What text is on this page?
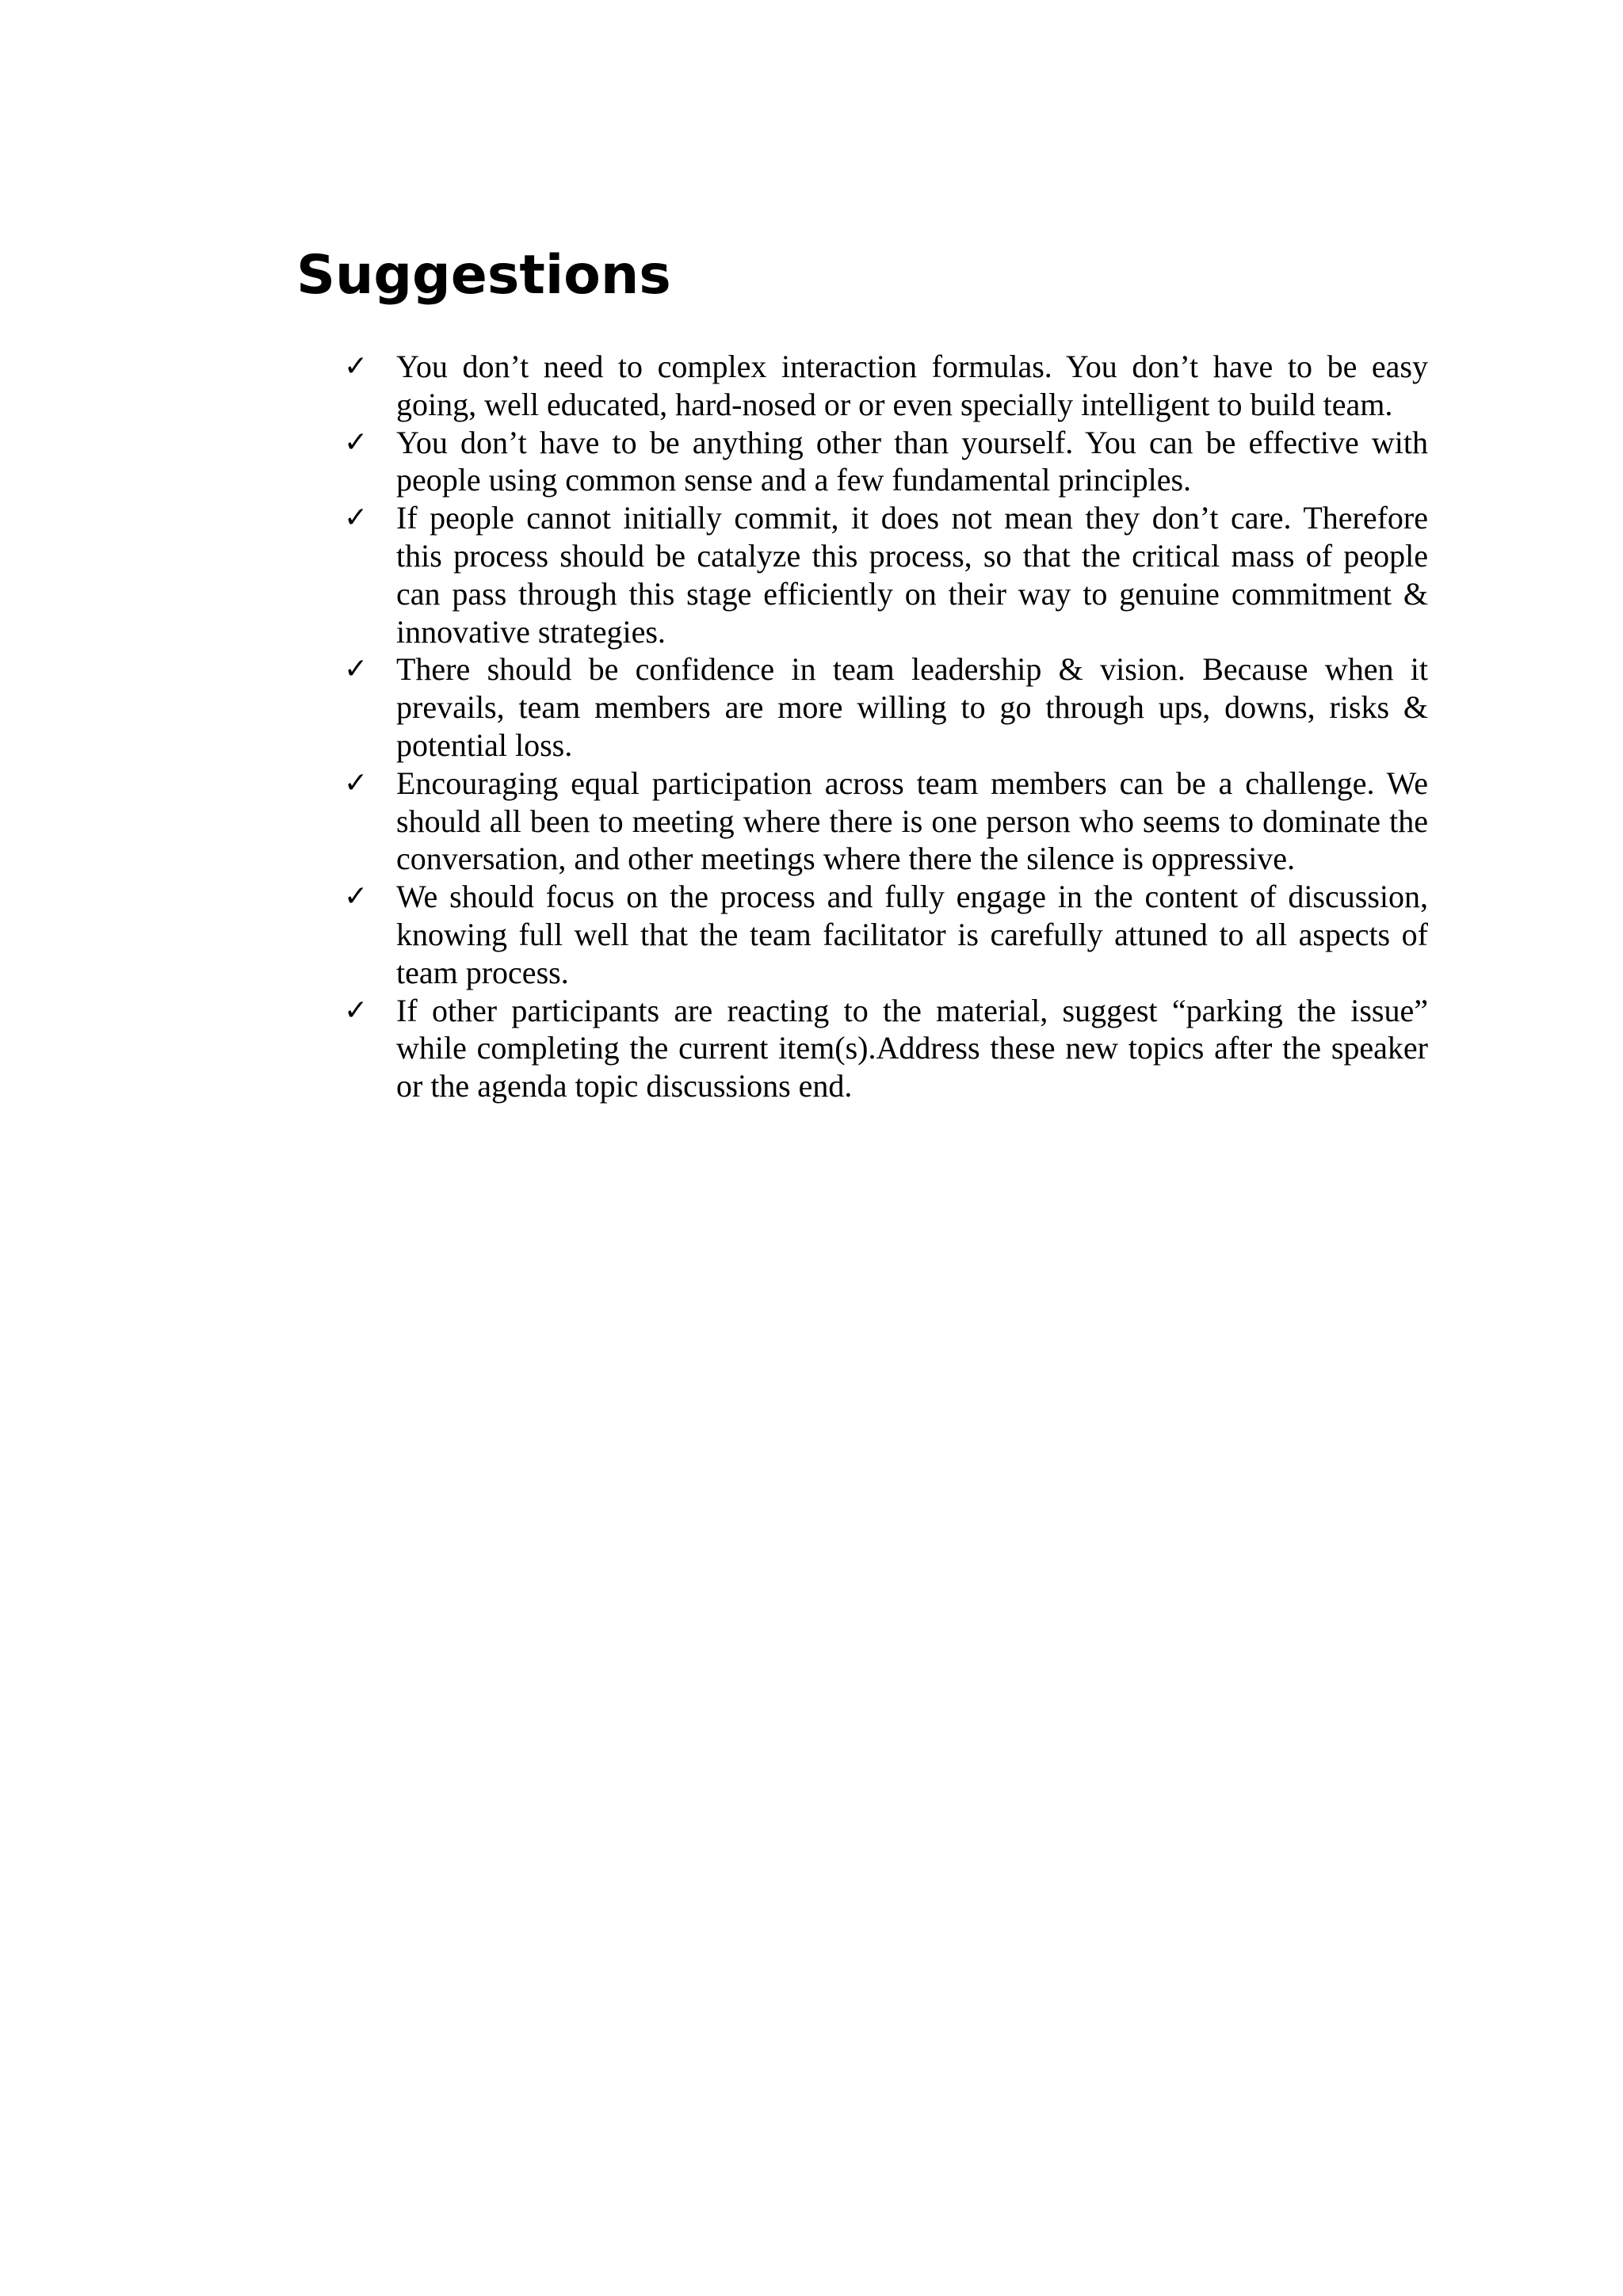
Suggestions
✓ You don’t need to complex interaction formulas. You don’t have to be easy going, well educated, hard-nosed or or even specially intelligent to build team.
✓ You don’t have to be anything other than yourself. You can be effective with people using common sense and a few fundamental principles.
✓ If people cannot initially commit, it does not mean they don’t care. Therefore this process should be catalyze this process, so that the critical mass of people can pass through this stage efficiently on their way to genuine commitment & innovative strategies.
✓ There should be confidence in team leadership & vision. Because when it prevails, team members are more willing to go through ups, downs, risks & potential loss.
✓ Encouraging equal participation across team members can be a challenge. We should all been to meeting where there is one person who seems to dominate the conversation, and other meetings where there the silence is oppressive.
✓ We should focus on the process and fully engage in the content of discussion, knowing full well that the team facilitator is carefully attuned to all aspects of team process.
✓ If other participants are reacting to the material, suggest “parking the issue” while completing the current item(s).Address these new topics after the speaker or the agenda topic discussions end.
